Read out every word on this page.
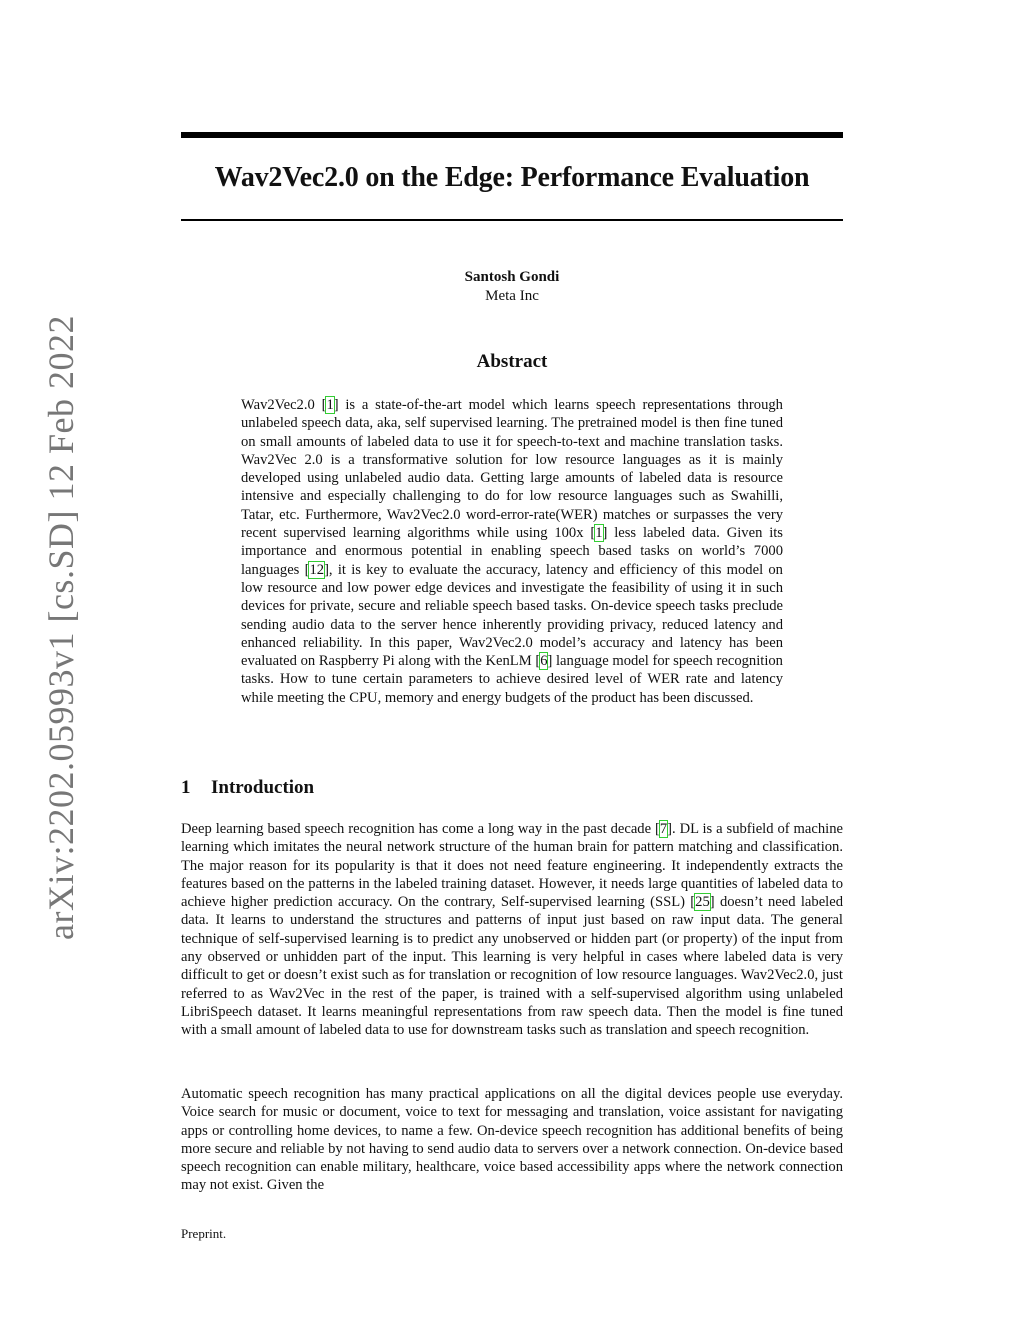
Wav2Vec2.0 on the Edge: Performance Evaluation
Santosh Gondi
Meta Inc
Abstract

Wav2Vec2.0 [1] is a state-of-the-art model which learns speech representations through unlabeled speech data, aka, self supervised learning. The pretrained model is then fine tuned on small amounts of labeled data to use it for speech-to-text and machine translation tasks. Wav2Vec 2.0 is a transformative solution for low resource languages as it is mainly developed using unlabeled audio data. Getting large amounts of labeled data is resource intensive and especially challenging to do for low resource languages such as Swahilli, Tatar, etc. Furthermore, Wav2Vec2.0 word-error-rate(WER) matches or surpasses the very recent supervised learning algorithms while using 100x [1] less labeled data. Given its importance and enormous potential in enabling speech based tasks on world’s 7000 languages [12], it is key to evaluate the accuracy, latency and efficiency of this model on low resource and low power edge devices and investigate the feasibility of using it in such devices for private, secure and reliable speech based tasks. On-device speech tasks preclude sending audio data to the server hence inherently providing privacy, reduced latency and enhanced reliability. In this paper, Wav2Vec2.0 model’s accuracy and latency has been evaluated on Raspberry Pi along with the KenLM [6] language model for speech recognition tasks. How to tune certain parameters to achieve desired level of WER rate and latency while meeting the CPU, memory and energy budgets of the product has been discussed.

1 Introduction

Deep learning based speech recognition has come a long way in the past decade [7]. DL is a subfield of machine learning which imitates the neural network structure of the human brain for pattern matching and classification. The major reason for its popularity is that it does not need feature engineering. It independently extracts the features based on the patterns in the labeled training dataset. However, it needs large quantities of labeled data to achieve higher prediction accuracy. On the contrary, Self-supervised learning (SSL) [25] doesn’t need labeled data. It learns to understand the structures and patterns of input just based on raw input data. The general technique of self-supervised learning is to predict any unobserved or hidden part (or property) of the input from any observed or unhidden part of the input. This learning is very helpful in cases where labeled data is very difficult to get or doesn’t exist such as for translation or recognition of low resource languages. Wav2Vec2.0, just referred to as Wav2Vec in the rest of the paper, is trained with a self-supervised algorithm using unlabeled LibriSpeech dataset. It learns meaningful representations from raw speech data. Then the model is fine tuned with a small amount of labeled data to use for downstream tasks such as translation and speech recognition.

Automatic speech recognition has many practical applications on all the digital devices people use everyday. Voice search for music or document, voice to text for messaging and translation, voice assistant for navigating apps or controlling home devices, to name a few. On-device speech recognition has additional benefits of being more secure and reliable by not having to send audio data to servers over a network connection. On-device based speech recognition can enable military, healthcare, voice based accessibility apps where the network connection may not exist. Given the

Preprint.

arXiv:2202.05993v1 [cs.SD] 12 Feb 2022
